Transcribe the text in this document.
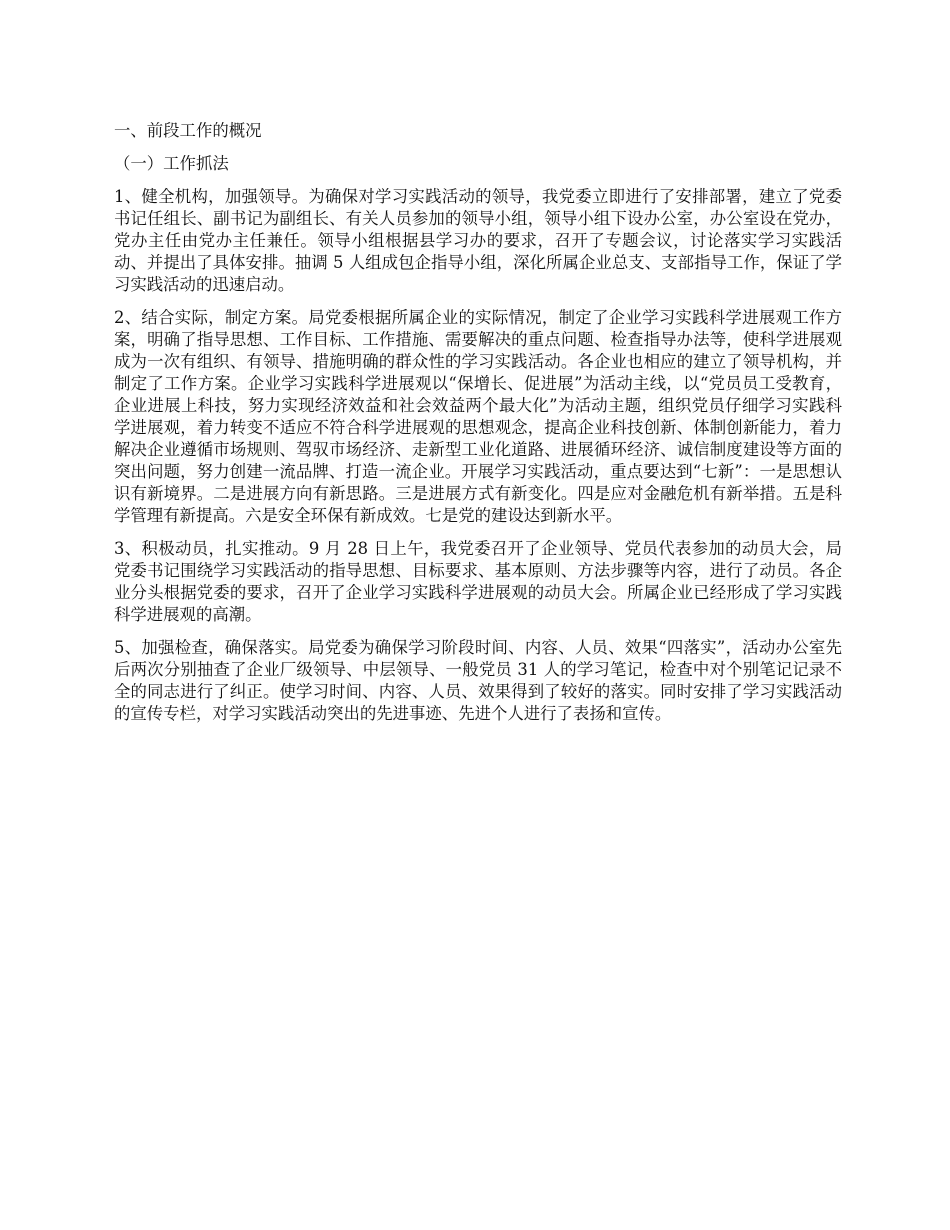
一、前段工作的概况
（一）工作抓法

1、健全机构，加强领导。为确保对学习实践活动的领导，我党委立即进行了安排部署，建立了党委书记任组长、副书记为副组长、有关人员参加的领导小组，领导小组下设办公室，办公室设在党办，党办主任由党办主任兼任。领导小组根据县学习办的要求，召开了专题会议，讨论落实学习实践活动、并提出了具体安排。抽调 5 人组成包企指导小组，深化所属企业总支、支部指导工作，保证了学习实践活动的迅速启动。

2、结合实际，制定方案。局党委根据所属企业的实际情况，制定了企业学习实践科学进展观工作方案，明确了指导思想、工作目标、工作措施、需要解决的重点问题、检查指导办法等，使科学进展观成为一次有组织、有领导、措施明确的群众性的学习实践活动。各企业也相应的建立了领导机构，并制定了工作方案。企业学习实践科学进展观以“保增长、促进展”为活动主线，以“党员员工受教育，企业进展上科技，努力实现经济效益和社会效益两个最大化”为活动主题，组织党员仔细学习实践科学进展观，着力转变不适应不符合科学进展观的思想观念，提高企业科技创新、体制创新能力，着力解决企业遵循市场规则、驾驭市场经济、走新型工业化道路、进展循环经济、诚信制度建设等方面的突出问题，努力创建一流品牌、打造一流企业。开展学习实践活动，重点要达到“七新”：一是思想认识有新境界。二是进展方向有新思路。三是进展方式有新变化。四是应对金融危机有新举措。五是科学管理有新提高。六是安全环保有新成效。七是党的建设达到新水平。

3、积极动员，扎实推动。9 月 28 日上午，我党委召开了企业领导、党员代表参加的动员大会，局党委书记围绕学习实践活动的指导思想、目标要求、基本原则、方法步骤等内容，进行了动员。各企业分头根据党委的要求，召开了企业学习实践科学进展观的动员大会。所属企业已经形成了学习实践科学进展观的高潮。

5、加强检查，确保落实。局党委为确保学习阶段时间、内容、人员、效果“四落实”，活动办公室先后两次分别抽查了企业厂级领导、中层领导、一般党员 31 人的学习笔记，检查中对个别笔记记录不全的同志进行了纠正。使学习时间、内容、人员、效果得到了较好的落实。同时安排了学习实践活动的宣传专栏，对学习实践活动突出的先进事迹、先进个人进行了表扬和宣传。
